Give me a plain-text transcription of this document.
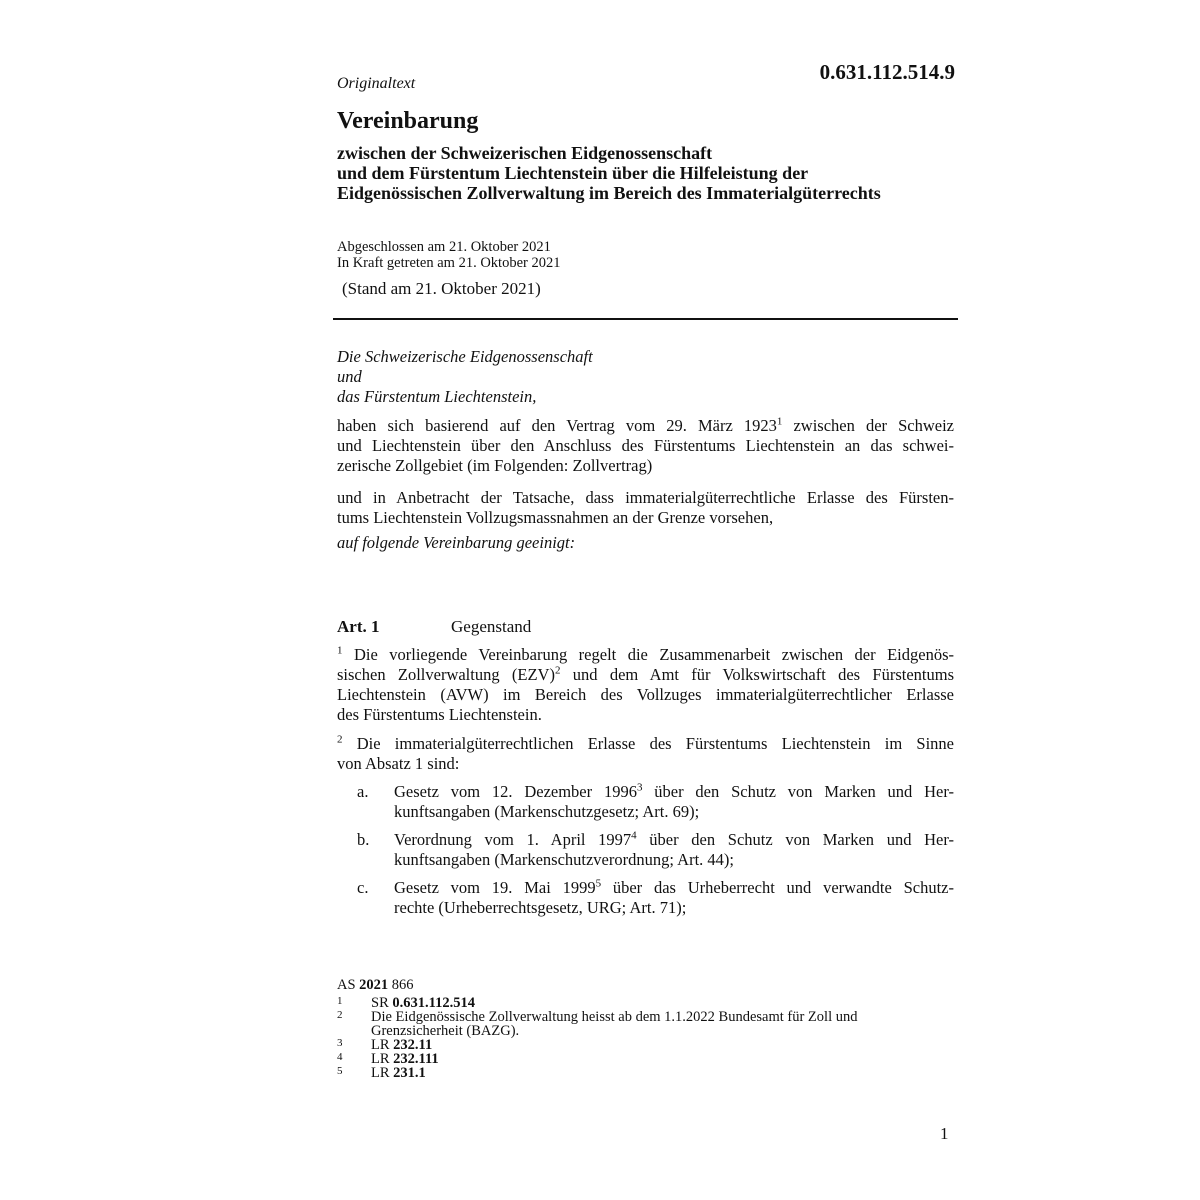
0.631.112.514.9
Originaltext
Vereinbarung
zwischen der Schweizerischen Eidgenossenschaft
und dem Fürstentum Liechtenstein über die Hilfeleistung der
Eidgenössischen Zollverwaltung im Bereich des Immaterialgüterrechts
Abgeschlossen am 21. Oktober 2021
In Kraft getreten am 21. Oktober 2021
(Stand am 21. Oktober 2021)
Die Schweizerische Eidgenossenschaft
und
das Fürstentum Liechtenstein,
haben sich basierend auf den Vertrag vom 29. März 1923$^1$ zwischen der Schweiz
und Liechtenstein über den Anschluss des Fürstentums Liechtenstein an das schwei-
zerische Zollgebiet (im Folgenden: Zollvertrag)
und in Anbetracht der Tatsache, dass immaterialgüterrechtliche Erlasse des Fürsten-
tums Liechtenstein Vollzugsmassnahmen an der Grenze vorsehen,
auf folgende Vereinbarung geeinigt:
Art. 1	Gegenstand
$^1$ Die vorliegende Vereinbarung regelt die Zusammenarbeit zwischen der Eidgenös-
sischen Zollverwaltung (EZV)$^2$ und dem Amt für Volkswirtschaft des Fürstentums
Liechtenstein (AVW) im Bereich des Vollzuges immaterialgüterrechtlicher Erlasse
des Fürstentums Liechtenstein.
$^2$ Die immaterialgüterrechtlichen Erlasse des Fürstentums Liechtenstein im Sinne
von Absatz 1 sind:
a. Gesetz vom 12. Dezember 1996$^3$ über den Schutz von Marken und Her-
kunftsangaben (Markenschutzgesetz; Art. 69);
b. Verordnung vom 1. April 1997$^4$ über den Schutz von Marken und Her-
kunftsangaben (Markenschutzverordnung; Art. 44);
c. Gesetz vom 19. Mai 1999$^5$ über das Urheberrecht und verwandte Schutz-
rechte (Urheberrechtsgesetz, URG; Art. 71);
AS 2021 866
1 SR 0.631.112.514
2 Die Eidgenössische Zollverwaltung heisst ab dem 1.1.2022 Bundesamt für Zoll und
Grenzsicherheit (BAZG).
3 LR 232.11
4 LR 232.111
5 LR 231.1
1
